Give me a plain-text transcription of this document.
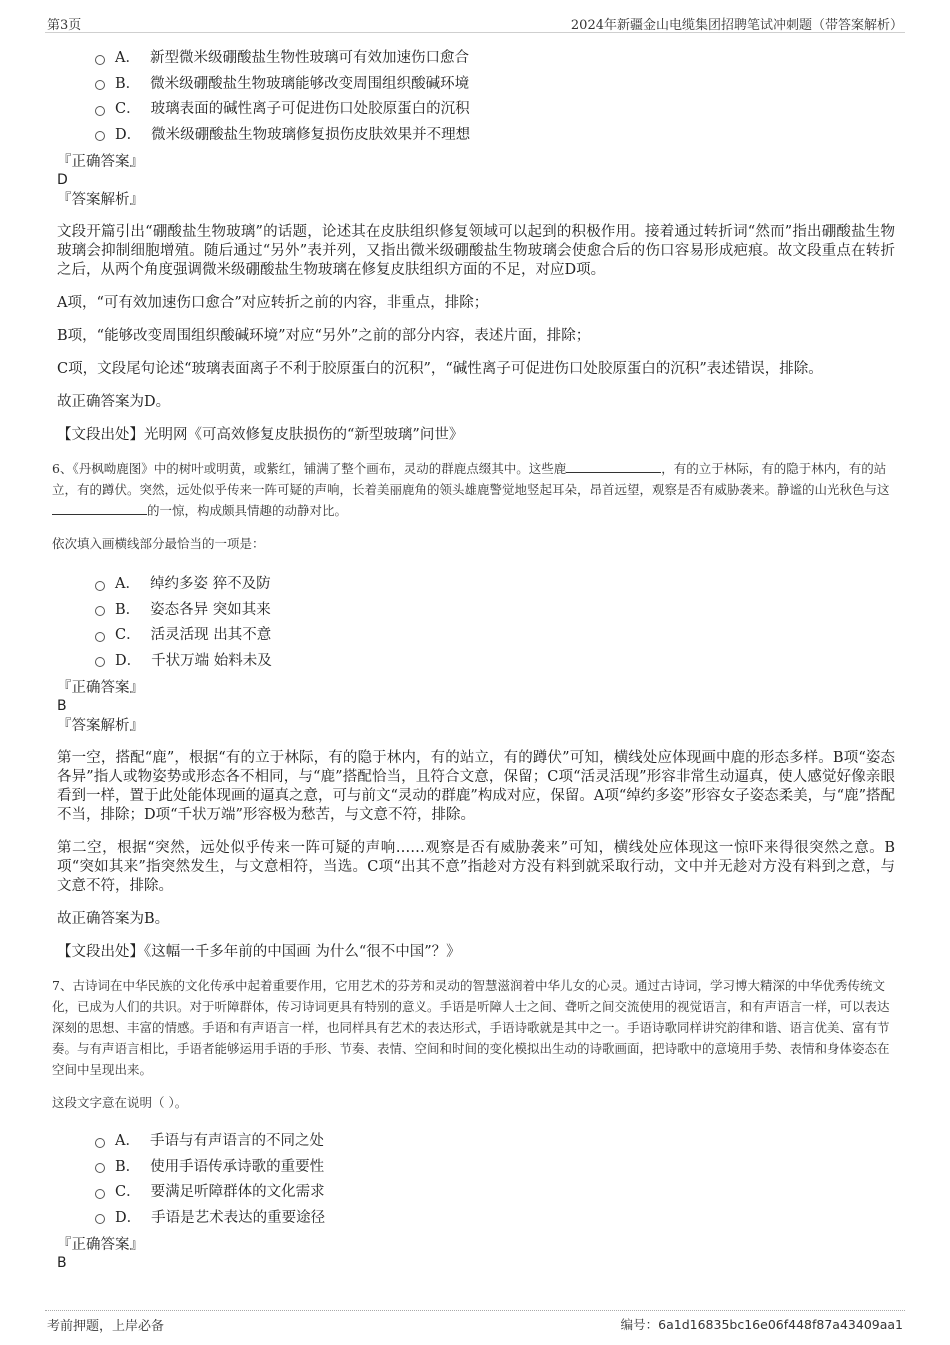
第3页	2024年新疆金山电缆集团招聘笔试冲刺题（带答案解析）
A． 新型微米级硼酸盐生物性玻璃可有效加速伤口愈合
B． 微米级硼酸盐生物玻璃能够改变周围组织酸碱环境
C． 玻璃表面的碱性离子可促进伤口处胶原蛋白的沉积
D． 微米级硼酸盐生物玻璃修复损伤皮肤效果并不理想
『正确答案』
D
『答案解析』

文段开篇引出“硼酸盐生物玻璃”的话题，论述其在皮肤组织修复领域可以起到的积极作用。接着通过转折词“然而”指出硼酸盐生物玻璃会抑制细胞增殖。随后通过“另外”表并列，又指出微米级硼酸盐生物玻璃会使愈合后的伤口容易形成疤痕。故文段重点在转折之后，从两个角度强调微米级硼酸盐生物玻璃在修复皮肤组织方面的不足，对应D项。

A项，“可有效加速伤口愈合”对应转折之前的内容，非重点，排除；

B项，“能够改变周围组织酸碱环境”对应“另外”之前的部分内容，表述片面，排除；

C项，文段尾句论述“玻璃表面离子不利于胶原蛋白的沉积”，“碱性离子可促进伤口处胶原蛋白的沉积”表述错误，排除。

故正确答案为D。

【文段出处】光明网《可高效修复皮肤损伤的“新型玻璃”问世》

6、《丹枫呦鹿图》中的树叶或明黄，或紫红，铺满了整个画布，灵动的群鹿点缀其中。这些鹿	，有的立于林际，有的隐于林内，有的站立，有的蹲伏。突然，远处似乎传来一阵可疑的声响，长着美丽鹿角的领头雄鹿警觉地竖起耳朵，昂首远望，观察是否有威胁袭来。静谧的山光秋色与这的一惊，构成颇具情趣的动静对比。

依次填入画横线部分最恰当的一项是：

A． 绰约多姿 猝不及防
B． 姿态各异 突如其来
C． 活灵活现 出其不意
D． 千状万端 始料未及
『正确答案』
B
『答案解析』

第一空，搭配“鹿”，根据“有的立于林际，有的隐于林内，有的站立，有的蹲伏”可知，横线处应体现画中鹿的形态多样。B项“姿态各异”指人或物姿势或形态各不相同，与“鹿”搭配恰当，且符合文意，保留；C项“活灵活现”形容非常生动逼真，使人感觉好像亲眼看到一样，置于此处能体现画的逼真之意，可与前文“灵动的群鹿”构成对应，保留。A项“绰约多姿”形容女子姿态柔美，与“鹿”搭配不当，排除；D项“千状万端”形容极为愁苦，与文意不符，排除。

第二空，根据“突然，远处似乎传来一阵可疑的声响……观察是否有威胁袭来”可知，横线处应体现这一惊吓来得很突然之意。B项“突如其来”指突然发生，与文意相符，当选。C项“出其不意”指趁对方没有料到就采取行动，文中并无趁对方没有料到之意，与文意不符，排除。

故正确答案为B。

【文段出处】《这幅一千多年前的中国画 为什么“很不中国”？》

7、古诗词在中华民族的文化传承中起着重要作用，它用艺术的芬芳和灵动的智慧滋润着中华儿女的心灵。通过古诗词，学习博大精深的中华优秀传统文化，已成为人们的共识。对于听障群体，传习诗词更具有特别的意义。手语是听障人士之间、聋听之间交流使用的视觉语言，和有声语言一样，可以表达深刻的思想、丰富的情感。手语和有声语言一样，也同样具有艺术的表达形式，手语诗歌就是其中之一。手语诗歌同样讲究韵律和谐、语言优美、富有节奏。与有声语言相比，手语者能够运用手语的手形、节奏、表情、空间和时间的变化模拟出生动的诗歌画面，把诗歌中的意境用手势、表情和身体姿态在空间中呈现出来。

这段文字意在说明（ ）。

A． 手语与有声语言的不同之处
B． 使用手语传承诗歌的重要性
C． 要满足听障群体的文化需求
D． 手语是艺术表达的重要途径
『正确答案』
B
考前押题，上岸必备	编号：6a1d16835bc16e06f448f87a43409aa1
